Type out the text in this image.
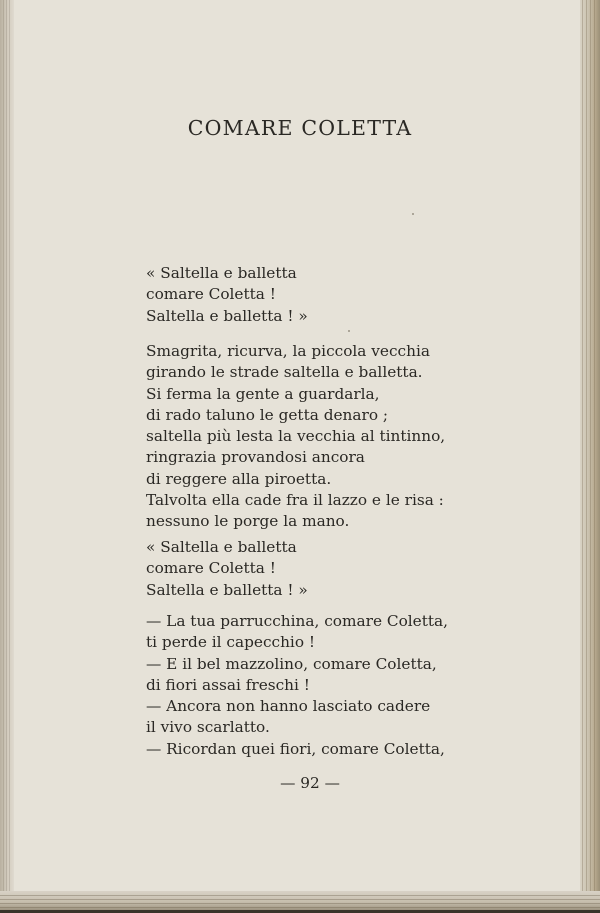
COMARE COLETTA
« Saltella e balletta
comare Coletta !
Saltella e balletta ! »
Smagrita, ricurva, la piccola vecchia
girando le strade saltella e balletta.
Si ferma la gente a guardarla,
di rado taluno le getta denaro ;
saltella più lesta la vecchia al tintinno,
ringrazia provandosi ancora
di reggere alla piroetta.
Talvolta ella cade fra il lazzo e le risa :
nessuno le porge la mano.
« Saltella e balletta
comare Coletta !
Saltella e balletta ! »
— La tua parrucchina, comare Coletta,
ti perde il capecchio !
— E il bel mazzolino, comare Coletta,
di fiori assai freschi !
— Ancora non hanno lasciato cadere
il vivo scarlatto.
— Ricordan quei fiori, comare Coletta,
— 92 —
